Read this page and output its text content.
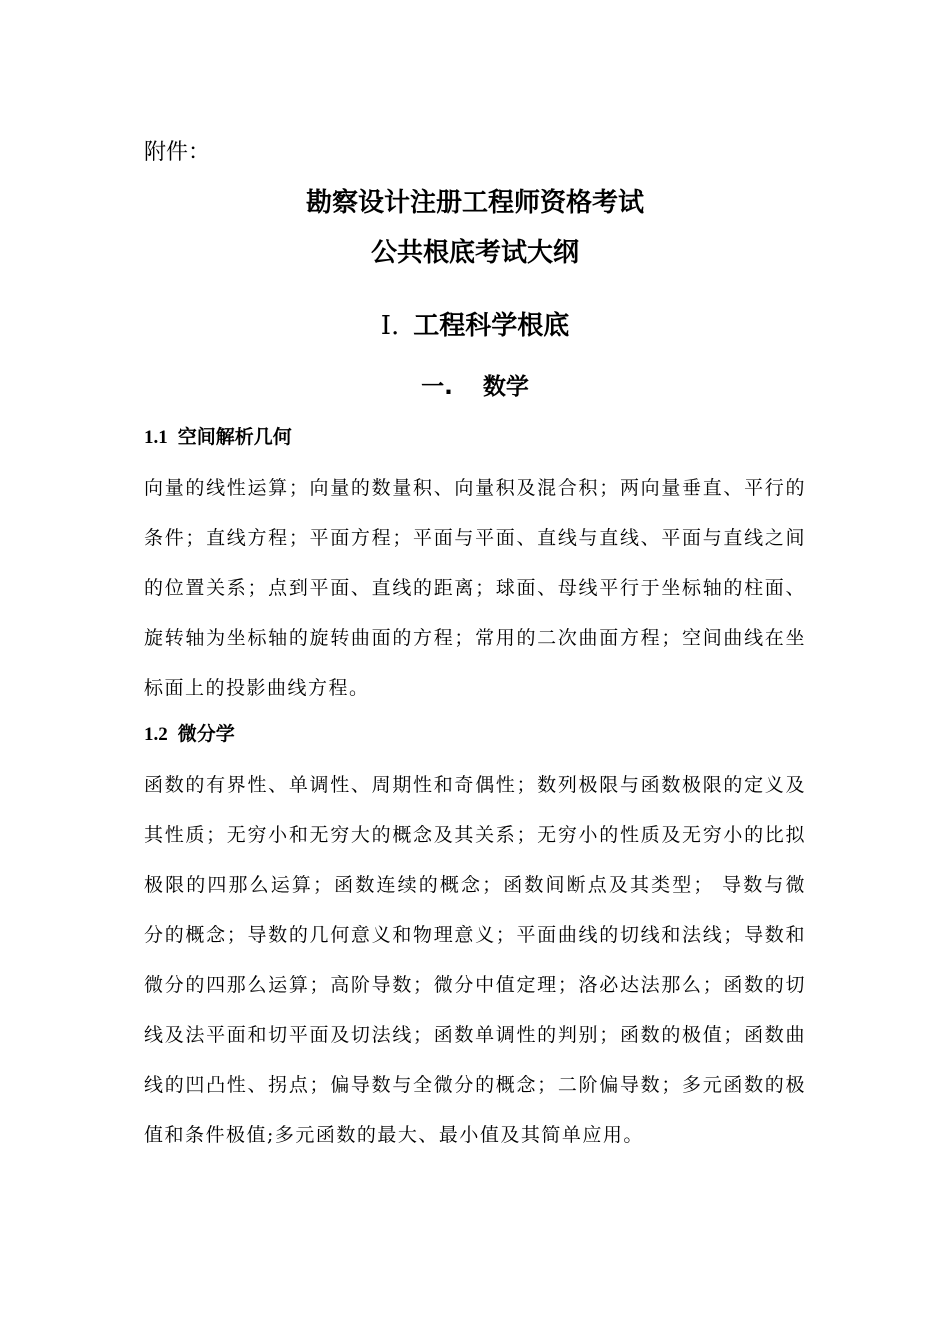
附件：
勘察设计注册工程师资格考试
公共根底考试大纲
I. 工程科学根底
一. 数学
1.1 空间解析几何
向量的线性运算；向量的数量积、向量积及混合积；两向量垂直、平行的条件；直线方程；平面方程；平面与平面、直线与直线、平面与直线之间的位置关系；点到平面、直线的距离；球面、母线平行于坐标轴的柱面、旋转轴为坐标轴的旋转曲面的方程；常用的二次曲面方程；空间曲线在坐标面上的投影曲线方程。
1.2 微分学
函数的有界性、单调性、周期性和奇偶性；数列极限与函数极限的定义及其性质；无穷小和无穷大的概念及其关系；无穷小的性质及无穷小的比拟极限的四那么运算；函数连续的概念；函数间断点及其类型； 导数与微分的概念；导数的几何意义和物理意义；平面曲线的切线和法线；导数和微分的四那么运算；高阶导数；微分中值定理；洛必达法那么；函数的切线及法平面和切平面及切法线；函数单调性的判别；函数的极值；函数曲线的凹凸性、拐点；偏导数与全微分的概念；二阶偏导数；多元函数的极值和条件极值;多元函数的最大、最小值及其简单应用。
